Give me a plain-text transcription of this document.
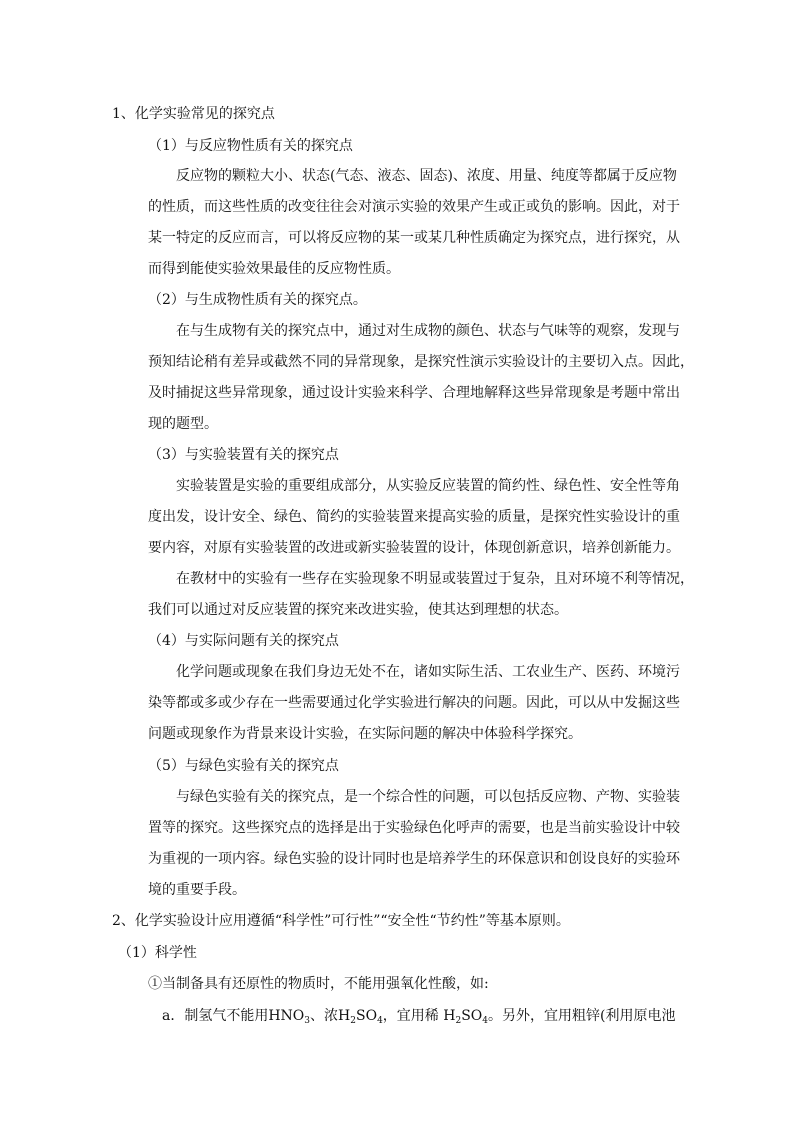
1、化学实验常见的探究点
（1）与反应物性质有关的探究点
反应物的颗粒大小、状态(气态、液态、固态)、浓度、用量、纯度等都属于反应物
的性质，而这些性质的改变往往会对演示实验的效果产生或正或负的影响。因此，对于
某一特定的反应而言，可以将反应物的某一或某几种性质确定为探究点，进行探究，从
而得到能使实验效果最佳的反应物性质。
（2）与生成物性质有关的探究点。
在与生成物有关的探究点中，通过对生成物的颜色、状态与气味等的观察，发现与
预知结论稍有差异或截然不同的异常现象，是探究性演示实验设计的主要切入点。因此，
及时捕捉这些异常现象，通过设计实验来科学、合理地解释这些异常现象是考题中常出
现的题型。
（3）与实验装置有关的探究点
实验装置是实验的重要组成部分，从实验反应装置的简约性、绿色性、安全性等角
度出发，设计安全、绿色、简约的实验装置来提高实验的质量，是探究性实验设计的重
要内容，对原有实验装置的改进或新实验装置的设计，体现创新意识，培养创新能力。
在教材中的实验有一些存在实验现象不明显或装置过于复杂，且对环境不利等情况，
我们可以通过对反应装置的探究来改进实验，使其达到理想的状态。
（4）与实际问题有关的探究点
化学问题或现象在我们身边无处不在，诸如实际生活、工农业生产、医药、环境污
染等都或多或少存在一些需要通过化学实验进行解决的问题。因此，可以从中发掘这些
问题或现象作为背景来设计实验，在实际问题的解决中体验科学探究。
（5）与绿色实验有关的探究点
与绿色实验有关的探究点，是一个综合性的问题，可以包括反应物、产物、实验装
置等的探究。这些探究点的选择是出于实验绿色化呼声的需要，也是当前实验设计中较
为重视的一项内容。绿色实验的设计同时也是培养学生的环保意识和创设良好的实验环
境的重要手段。
2、化学实验设计应用遵循“科学性”可行性”“安全性“节约性”等基本原则。
（1）科学性
①当制备具有还原性的物质时，不能用强氧化性酸，如:
a．制氢气不能用$HNO_3$、浓$H_2SO_4$，宜用稀 $H_2SO_4$。另外，宜用粗锌(利用原电池
